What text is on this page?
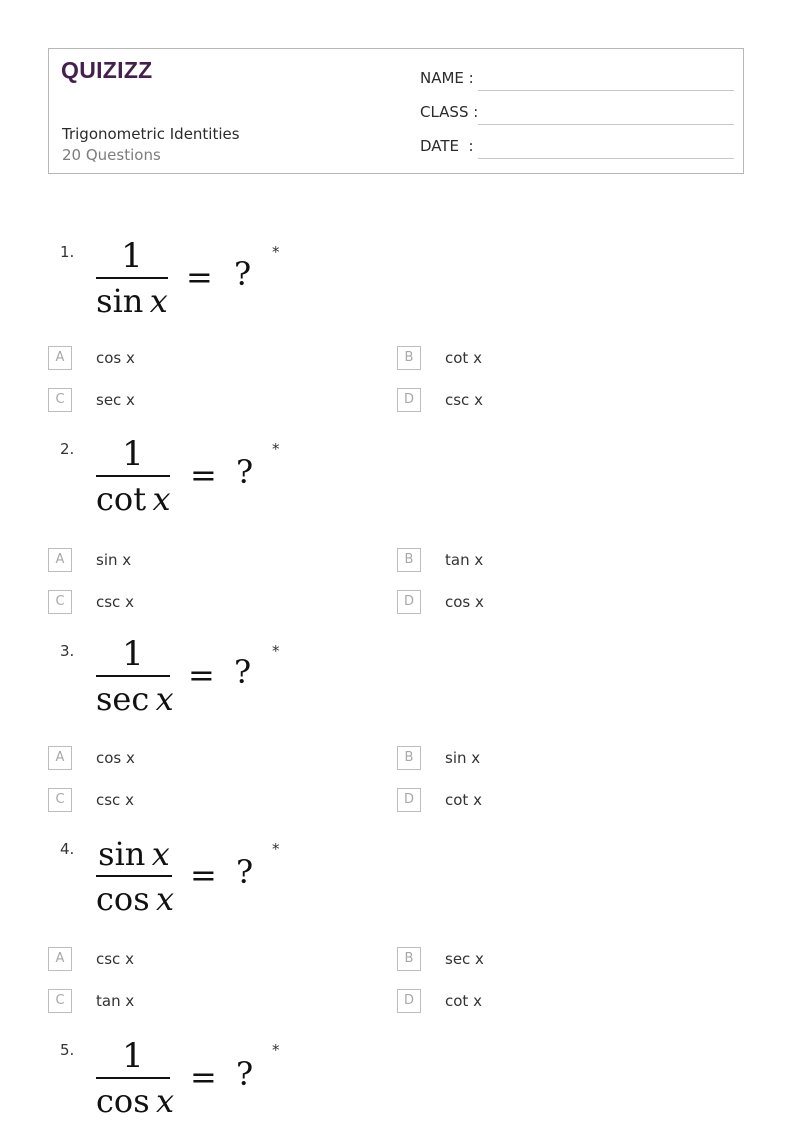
QUIZIZZ
Trigonometric Identities
20 Questions
NAME :
CLASS :
DATE  :
1.	1
sin  x
= ?
*
A	cos x	B	cot x
C	sec x	D	csc x
2.	1
cot  x
= ?
*
A	sin x	B	tan x
C	csc x	D	cos x
3.	1
sec  x
= ?
*
A	cos x	B	sin x
C	csc x	D	cot x
4. sin  x
cos  x
= ?
*
A	csc x	B	sec x
C	tan x	D	cot x
5.	1
cos  x
= ?
*
